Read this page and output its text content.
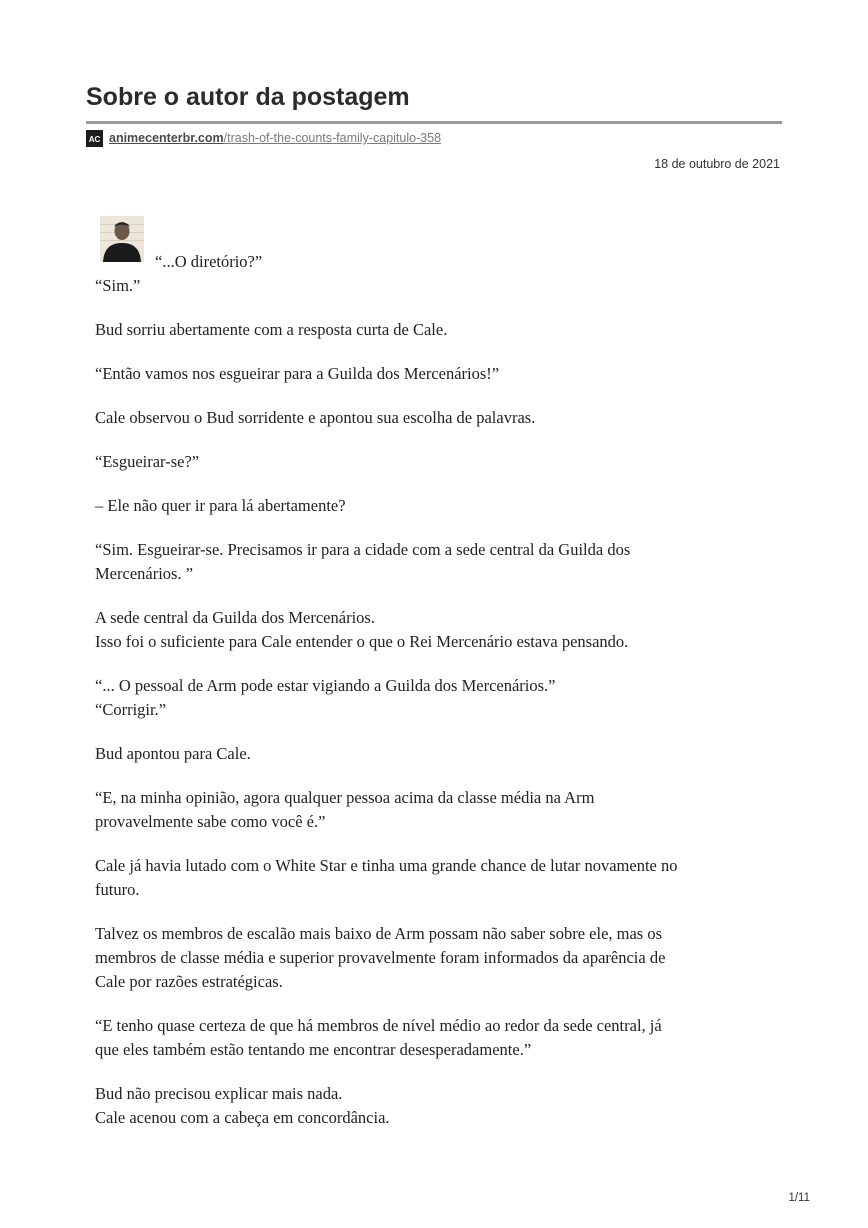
Sobre o autor da postagem
AC animecenterbr.com /trash-of-the-counts-family-capitulo-358
18 de outubro de 2021

“...O diretório?”
“Sim.”

Bud sorriu abertamente com a resposta curta de Cale.

“Então vamos nos esgueirar para a Guilda dos Mercenários!”

Cale observou o Bud sorridente e apontou sua escolha de palavras.

“Esgueirar-se?”

– Ele não quer ir para lá abertamente?

“Sim. Esgueirar-se. Precisamos ir para a cidade com a sede central da Guilda dos
Mercenários. ”

A sede central da Guilda dos Mercenários.
Isso foi o suficiente para Cale entender o que o Rei Mercenário estava pensando.

“... O pessoal de Arm pode estar vigiando a Guilda dos Mercenários.”
“Corrigir.”

Bud apontou para Cale.

“E, na minha opinião, agora qualquer pessoa acima da classe média na Arm
provavelmente sabe como você é.”

Cale já havia lutado com o White Star e tinha uma grande chance de lutar novamente no
futuro.

Talvez os membros de escalão mais baixo de Arm possam não saber sobre ele, mas os
membros de classe média e superior provavelmente foram informados da aparência de
Cale por razões estratégicas.

“E tenho quase certeza de que há membros de nível médio ao redor da sede central, já
que eles também estão tentando me encontrar desesperadamente.”

Bud não precisou explicar mais nada.
Cale acenou com a cabeça em concordância.

1/11
